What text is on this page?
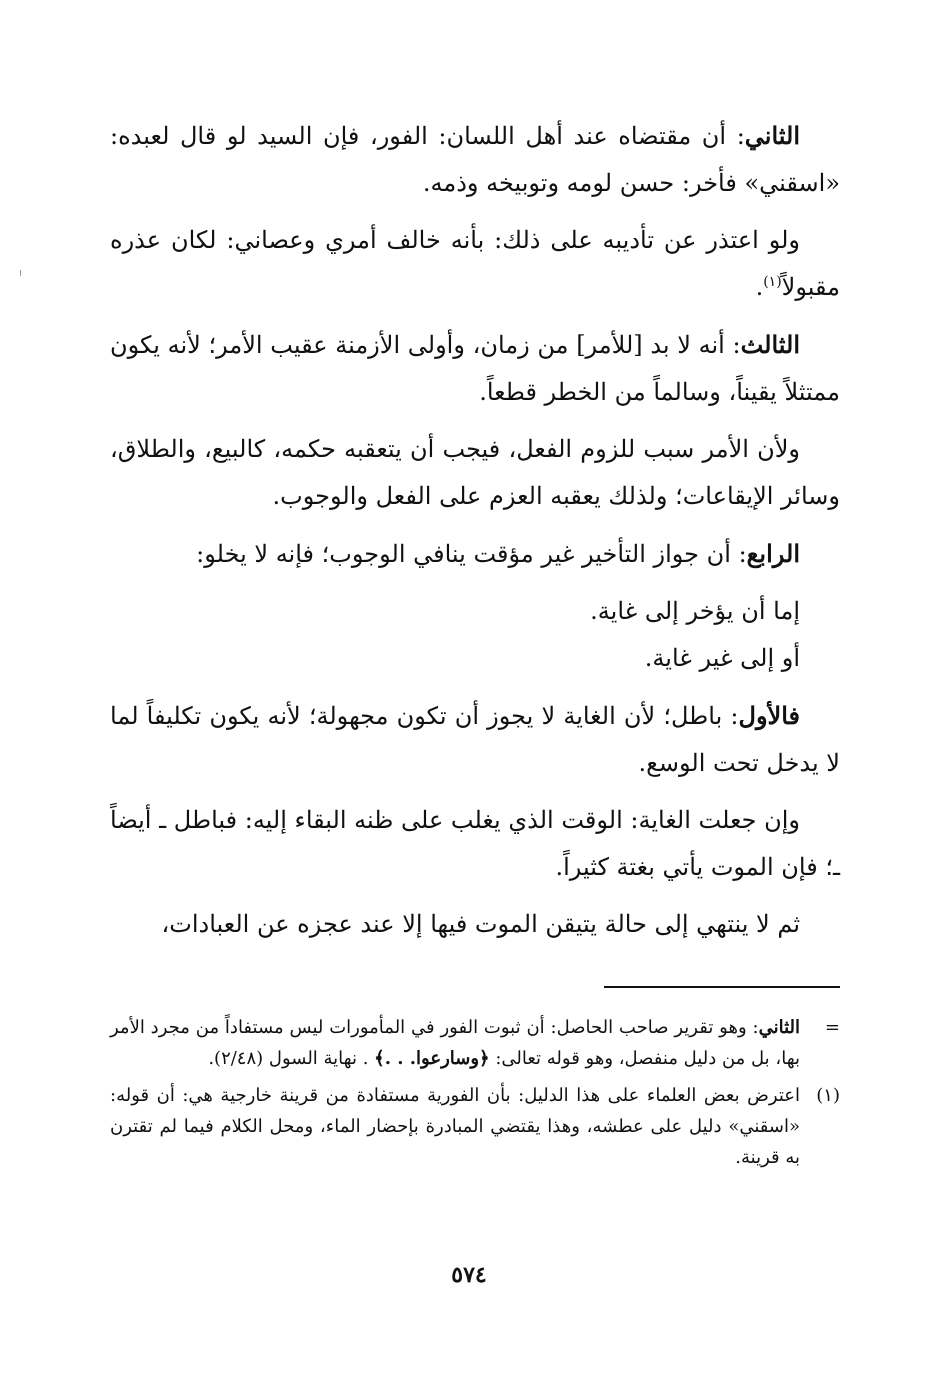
الثاني: أن مقتضاه عند أهل اللسان: الفور، فإن السيد لو قال لعبده: «اسقني» فأخر: حسن لومه وتوبيخه وذمه.

ولو اعتذر عن تأديبه على ذلك: بأنه خالف أمري وعصاني: لكان عذره مقبولاً$^{(١)}$.

الثالث: أنه لا بد [للأمر] من زمان، وأولى الأزمنة عقيب الأمر؛ لأنه يكون ممتثلاً يقيناً، وسالماً من الخطر قطعاً.

ولأن الأمر سبب للزوم الفعل، فيجب أن يتعقبه حكمه، كالبيع، والطلاق، وسائر الإيقاعات؛ ولذلك يعقبه العزم على الفعل والوجوب.

الرابع: أن جواز التأخير غير مؤقت ينافي الوجوب؛ فإنه لا يخلو:

إما أن يؤخر إلى غاية.

أو إلى غير غاية.

فالأول: باطل؛ لأن الغاية لا يجوز أن تكون مجهولة؛ لأنه يكون تكليفاً لما لا يدخل تحت الوسع.

وإن جعلت الغاية: الوقت الذي يغلب على ظنه البقاء إليه: فباطل ـ أيضاً ـ؛ فإن الموت يأتي بغتة كثيراً.

ثم لا ينتهي إلى حالة يتيقن الموت فيها إلا عند عجزه عن العبادات،

=
الثاني: وهو تقرير صاحب الحاصل: أن ثبوت الفور في المأمورات ليس مستفاداً من مجرد الأمر بها، بل من دليل منفصل، وهو قوله تعالى: ﴿وسارعوا. . .﴾ . نهاية السول (٢/٤٨).

(١)
اعترض بعض العلماء على هذا الدليل: بأن الفورية مستفادة من قرينة خارجية هي: أن قوله: «اسقني» دليل على عطشه، وهذا يقتضي المبادرة بإحضار الماء، ومحل الكلام فيما لم تقترن به قرينة.

٥٧٤
